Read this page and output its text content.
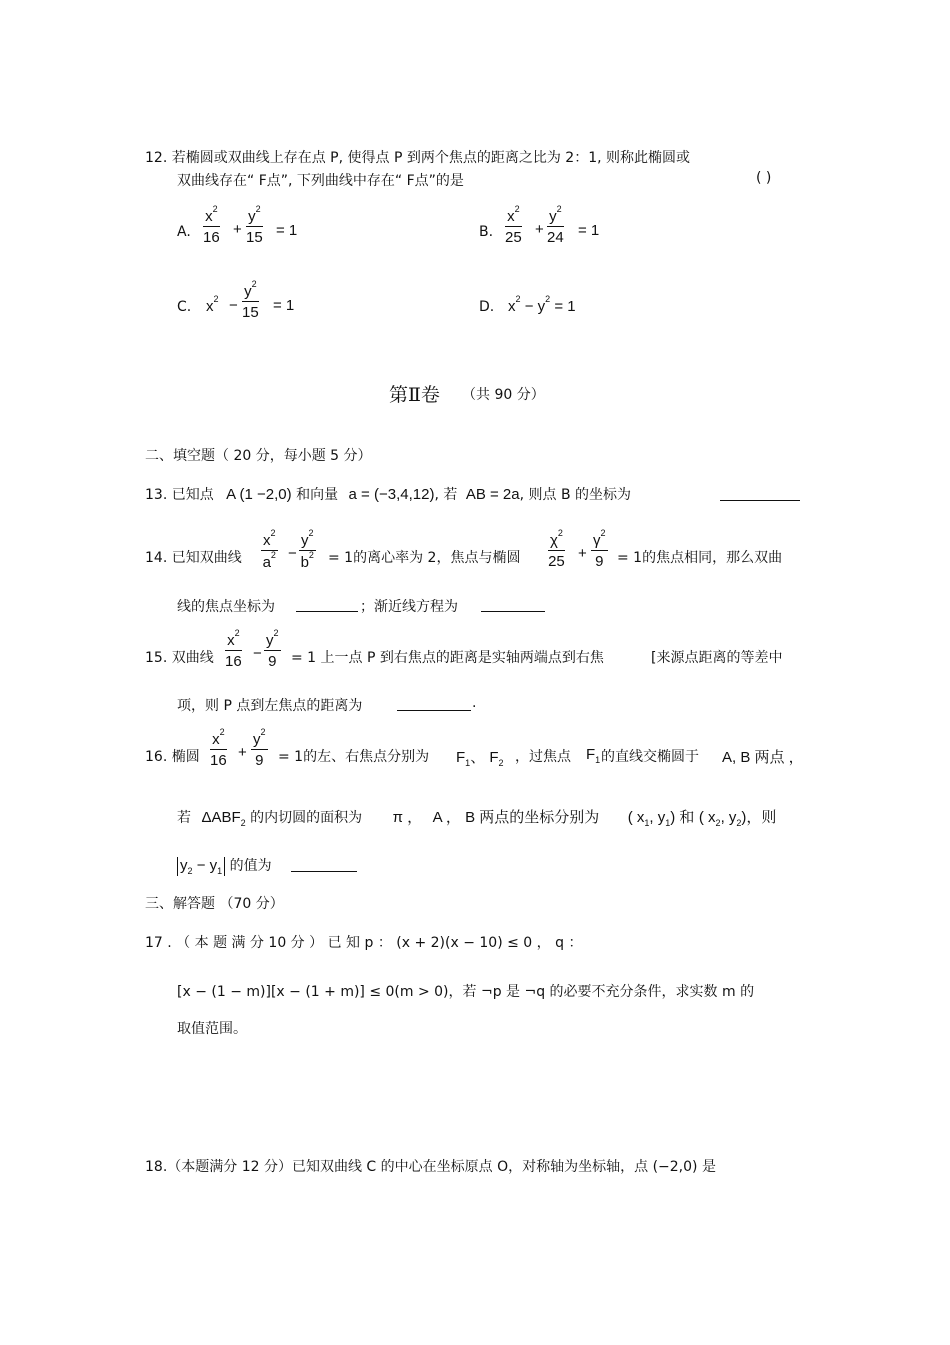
12. 若椭圆或双曲线上存在点 P, 使得点 P 到两个焦点的距离之比为 2：1, 则称此椭圆或
双曲线存在“ F点”, 下列曲线中存在“ F点”的是	( )
A. $\frac{x^2}{16} + \frac{y^2}{15} = 1$	B. $\frac{x^2}{25} + \frac{y^2}{24} = 1$
C. $x^2 - \frac{y^2}{15} = 1$	D. $x^2 - y^2 = 1$
第Ⅱ卷 （共 90 分）
二、填空题（ 20 分，每小题 5 分）
13. 已知点 A (1 −2,0) 和向量 a = (−3,4,12), 若 AB = 2a, 则点 B 的坐标为
14. 已知双曲线 $\frac{x^2}{a^2} - \frac{y^2}{b^2} = 1$的离心率为 2，焦点与椭圆 $\frac{\chi^2}{25} + \frac{\gamma^2}{9} = 1$的焦点相同，那么双曲
线的焦点坐标为	；渐近线方程为
15. 双曲线 $\frac{x^2}{16} - \frac{y^2}{9} = 1$ 上一点 P 到右焦点的距离是实轴两端点到右焦	[来源点距离的等差中
项，则 P 点到左焦点的距离为	.
16. 椭圆 $\frac{x^2}{16} + \frac{y^2}{9} = 1$的左、右焦点分别为 $F_1$、 $F_2$ ，过焦点 $F_1$ 的直线交椭圆于 A, B 两点 ，
若 $\Delta ABF_2$ 的内切圆的面积为 π ， A ， B 两点的坐标分别为 ( $x_1$, $y_1$) 和 ( $x_2$, $y_2$)，则
$y_2 - y_1$ 的值为
三、解答题 （70 分）
17 . （ 本 题 满 分 10 分 ） 已 知 p ： (x + 2)(x − 10) ≤ 0 ， q ：
[x − (1 − m)][x − (1 + m)] ≤ 0(m > 0)，若 ¬p 是 ¬q 的必要不充分条件，求实数 m 的
取值范围。
18.（本题满分 12 分）已知双曲线 C 的中心在坐标原点 O，对称轴为坐标轴，点 (−2,0) 是
